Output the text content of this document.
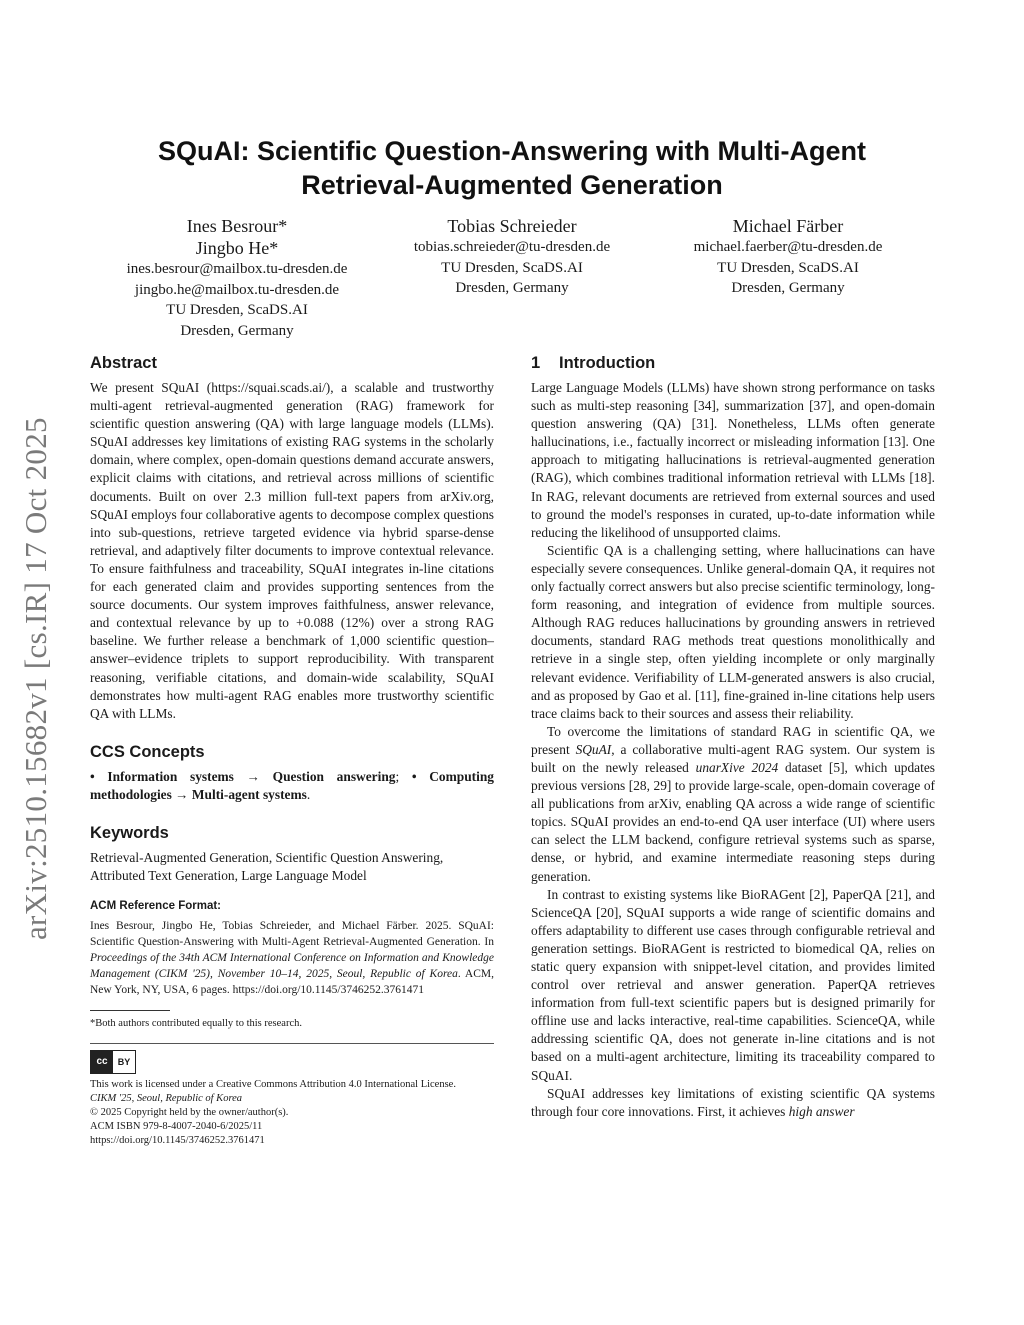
arXiv:2510.15682v1 [cs.IR] 17 Oct 2025
SQuAI: Scientific Question-Answering with Multi-Agent
Retrieval-Augmented Generation
Ines Besrour*
Jingbo He*
ines.besrour@mailbox.tu-dresden.de
jingbo.he@mailbox.tu-dresden.de
TU Dresden, ScaDS.AI
Dresden, Germany
Tobias Schreieder
tobias.schreieder@tu-dresden.de
TU Dresden, ScaDS.AI
Dresden, Germany
Michael Färber
michael.faerber@tu-dresden.de
TU Dresden, ScaDS.AI
Dresden, Germany
Abstract

We present SQuAI (https://squai.scads.ai/), a scalable and trustworthy multi-agent retrieval-augmented generation (RAG) framework for scientific question answering (QA) with large language models (LLMs). SQuAI addresses key limitations of existing RAG systems in the scholarly domain, where complex, open-domain questions demand accurate answers, explicit claims with citations, and retrieval across millions of scientific documents. Built on over 2.3 million full-text papers from arXiv.org, SQuAI employs four collaborative agents to decompose complex questions into sub-questions, retrieve targeted evidence via hybrid sparse-dense retrieval, and adaptively filter documents to improve contextual relevance. To ensure faithfulness and traceability, SQuAI integrates in-line citations for each generated claim and provides supporting sentences from the source documents. Our system improves faithfulness, answer relevance, and contextual relevance by up to +0.088 (12%) over a strong RAG baseline. We further release a benchmark of 1,000 scientific question–answer–evidence triplets to support reproducibility. With transparent reasoning, verifiable citations, and domain-wide scalability, SQuAI demonstrates how multi-agent RAG enables more trustworthy scientific QA with LLMs.

CCS Concepts

• Information systems → Question answering; • Computing methodologies → Multi-agent systems.

Keywords

Retrieval-Augmented Generation, Scientific Question Answering, Attributed Text Generation, Large Language Model

ACM Reference Format:

Ines Besrour, Jingbo He, Tobias Schreieder, and Michael Färber. 2025. SQuAI: Scientific Question-Answering with Multi-Agent Retrieval-Augmented Generation. In Proceedings of the 34th ACM International Conference on Information and Knowledge Management (CIKM '25), November 10–14, 2025, Seoul, Republic of Korea. ACM, New York, NY, USA, 6 pages. https://doi.org/10.1145/3746252.3761471

*Both authors contributed equally to this research.
cc	BY
This work is licensed under a Creative Commons Attribution 4.0 International License.
CIKM '25, Seoul, Republic of Korea
© 2025 Copyright held by the owner/author(s).
ACM ISBN 979-8-4007-2040-6/2025/11
https://doi.org/10.1145/3746252.3761471
1 Introduction

Large Language Models (LLMs) have shown strong performance on tasks such as multi-step reasoning [34], summarization [37], and open-domain question answering (QA) [31]. Nonetheless, LLMs often generate hallucinations, i.e., factually incorrect or misleading information [13]. One approach to mitigating hallucinations is retrieval-augmented generation (RAG), which combines traditional information retrieval with LLMs [18]. In RAG, relevant documents are retrieved from external sources and used to ground the model's responses in curated, up-to-date information while reducing the likelihood of unsupported claims.

Scientific QA is a challenging setting, where hallucinations can have especially severe consequences. Unlike general-domain QA, it requires not only factually correct answers but also precise scientific terminology, long-form reasoning, and integration of evidence from multiple sources. Although RAG reduces hallucinations by grounding answers in retrieved documents, standard RAG methods treat questions monolithically and retrieve in a single step, often yielding incomplete or only marginally relevant evidence. Verifiability of LLM-generated answers is also crucial, and as proposed by Gao et al. [11], fine-grained in-line citations help users trace claims back to their sources and assess their reliability.

To overcome the limitations of standard RAG in scientific QA, we present SQuAI, a collaborative multi-agent RAG system. Our system is built on the newly released unarXive 2024 dataset [5], which updates previous versions [28, 29] to provide large-scale, open-domain coverage of all publications from arXiv, enabling QA across a wide range of scientific topics. SQuAI provides an end-to-end QA user interface (UI) where users can select the LLM backend, configure retrieval systems such as sparse, dense, or hybrid, and examine intermediate reasoning steps during generation.

In contrast to existing systems like BioRAGent [2], PaperQA [21], and ScienceQA [20], SQuAI supports a wide range of scientific domains and offers adaptability to different use cases through configurable retrieval and generation settings. BioRAGent is restricted to biomedical QA, relies on static query expansion with snippet-level citation, and provides limited control over retrieval and answer generation. PaperQA retrieves information from full-text scientific papers but is designed primarily for offline use and lacks interactive, real-time capabilities. ScienceQA, while addressing scientific QA, does not generate in-line citations and is not based on a multi-agent architecture, limiting its traceability compared to SQuAI.

SQuAI addresses key limitations of existing scientific QA systems through four core innovations. First, it achieves high answer
